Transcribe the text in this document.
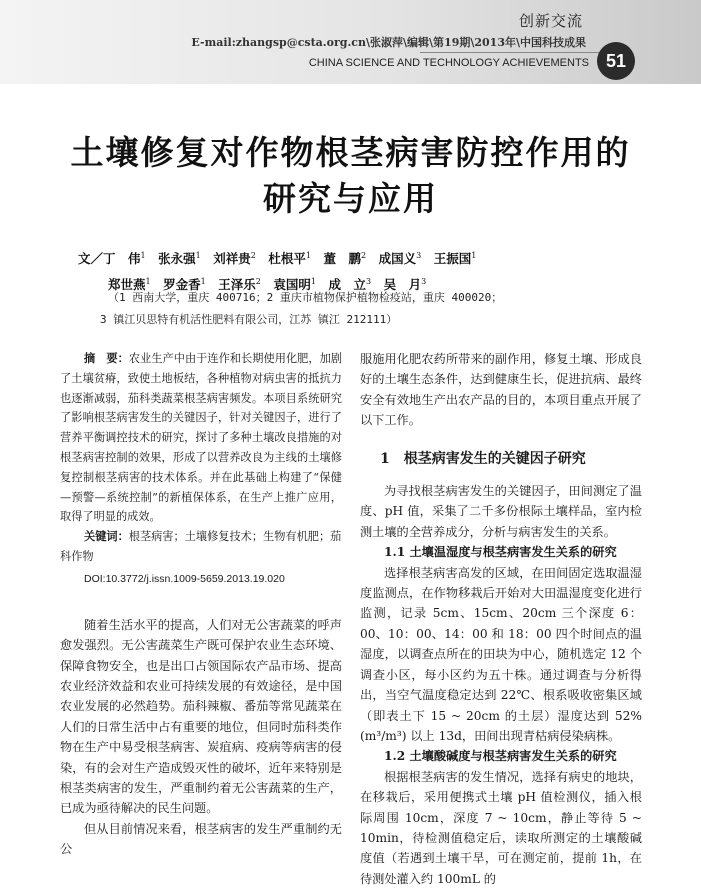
创新交流
E-mail:zhangsp@csta.org.cn\张淑萍\编辑\第19期\2013年\中国科技成果
CHINA SCIENCE AND TECHNOLOGY ACHIEVEMENTS 51
土壤修复对作物根茎病害防控作用的
研究与应用
文／丁　伟$^1$　 张永强$^1$　 刘祥贵$^2$　 杜根平$^1$　 董　鹏$^2$　 成国义$^3$　 王振国$^1$
郑世燕$^1$　 罗金香$^1$　 王泽乐$^2$　 袁国明$^1$　 成　立$^3$　 吴　月$^3$
（1 西南大学，重庆 400716；2 重庆市植物保护植物检疫站，重庆 400020；
3 镇江贝思特有机活性肥料有限公司，江苏 镇江 212111）

摘　要：农业生产中由于连作和长期使用化肥，加剧了土壤贫瘠，致使土地板结，各种植物对病虫害的抵抗力也逐渐减弱，茄科类蔬菜根茎病害频发。本项目系统研究了影响根茎病害发生的关键因子，针对关键因子，进行了营养平衡调控技术的研究，探讨了多种土壤改良措施的对根茎病害控制的效果，形成了以营养改良为主线的土壤修复控制根茎病害的技术体系。并在此基础上构建了“保健—预警—系统控制”的新植保体系，在生产上推广应用，取得了明显的成效。

关键词：根茎病害；土壤修复技术；生物有机肥；茄科作物

DOI:10.3772/j.issn.1009-5659.2013.19.020

随着生活水平的提高，人们对无公害蔬菜的呼声愈发强烈。无公害蔬菜生产既可保护农业生态环境、保障食物安全，也是出口占领国际农产品市场、提高农业经济效益和农业可持续发展的有效途径，是中国农业发展的必然趋势。茄科辣椒、番茄等常见蔬菜在人们的日常生活中占有重要的地位，但同时茄科类作物在生产中易受根茎病害、炭疽病、疫病等病害的侵染，有的会对生产造成毁灭性的破坏，近年来特别是根茎类病害的发生，严重制约着无公害蔬菜的生产，已成为亟待解决的民生问题。

但从目前情况来看，根茎病害的发生严重制约无公

服施用化肥农药所带来的副作用，修复土壤、形成良好的土壤生态条件，达到健康生长，促进抗病、最终安全有效地生产出农产品的目的，本项目重点开展了以下工作。

1　根茎病害发生的关键因子研究

为寻找根茎病害发生的关键因子，田间测定了温度、pH 值，采集了二千多份根际土壤样品，室内检测土壤的全营养成分，分析与病害发生的关系。

1.1 土壤温湿度与根茎病害发生关系的研究

选择根茎病害高发的区域，在田间固定选取温湿度监测点，在作物移栽后开始对大田温湿度变化进行监测，记录 5cm、15cm、20cm 三个深度 6：00、10：00、14：00 和 18：00 四个时间点的温湿度，以调查点所在的田块为中心，随机选定 12 个调查小区，每小区约为五十株。通过调查与分析得出，当空气温度稳定达到 22℃、根系吸收密集区域（即表土下 15 ~ 20cm 的土层）湿度达到 52%(m³/m³) 以上 13d，田间出现青枯病侵染病株。

1.2 土壤酸碱度与根茎病害发生关系的研究

根据根茎病害的发生情况，选择有病史的地块，在移栽后，采用便携式土壤 pH 值检测仪，插入根际周围 10cm，深度 7 ~ 10cm，静止等待 5 ~ 10min，待检测值稳定后，读取所测定的土壤酸碱度值（若遇到土壤干旱，可在测定前，提前 1h，在待测处灌入约 100mL 的
